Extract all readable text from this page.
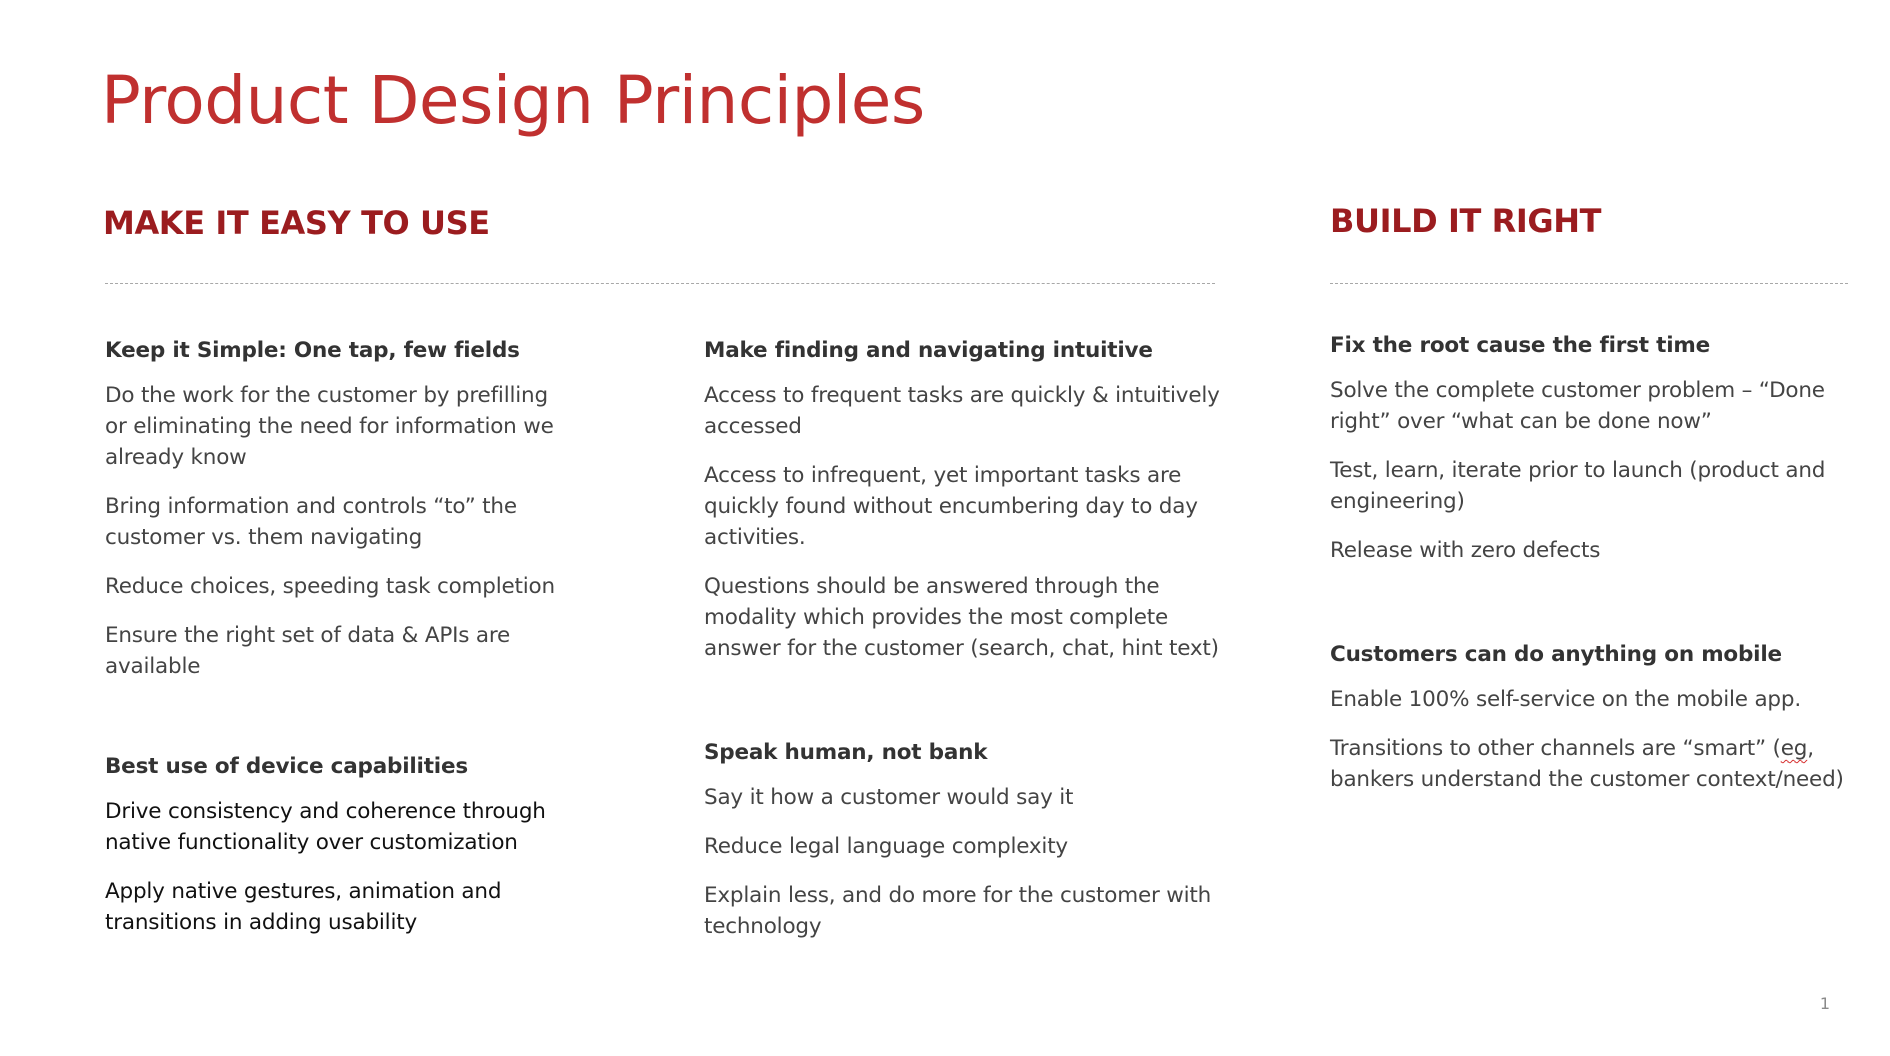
Product Design Principles
MAKE IT EASY TO USE	BUILD IT RIGHT

Keep it Simple: One tap, few fields

Do the work for the customer by prefilling or eliminating the need for information we already know

Bring information and controls “to” the customer vs. them navigating

Reduce choices, speeding task completion

Ensure the right set of data & APIs are available

Best use of device capabilities

Drive consistency and coherence through native functionality over customization

Apply native gestures, animation and transitions in adding usability

Make finding and navigating intuitive

Access to frequent tasks are quickly & intuitively accessed

Access to infrequent, yet important tasks are quickly found without encumbering day to day activities.

Questions should be answered through the modality which provides the most complete answer for the customer (search, chat, hint text)

Speak human, not bank

Say it how a customer would say it

Reduce legal language complexity

Explain less, and do more for the customer with technology

Fix the root cause the first time

Solve the complete customer problem – “Done right” over “what can be done now”

Test, learn, iterate prior to launch (product and engineering)

Release with zero defects

Customers can do anything on mobile

Enable 100% self-service on the mobile app.

Transitions to other channels are “smart” (eg, bankers understand the customer context/need)

1
